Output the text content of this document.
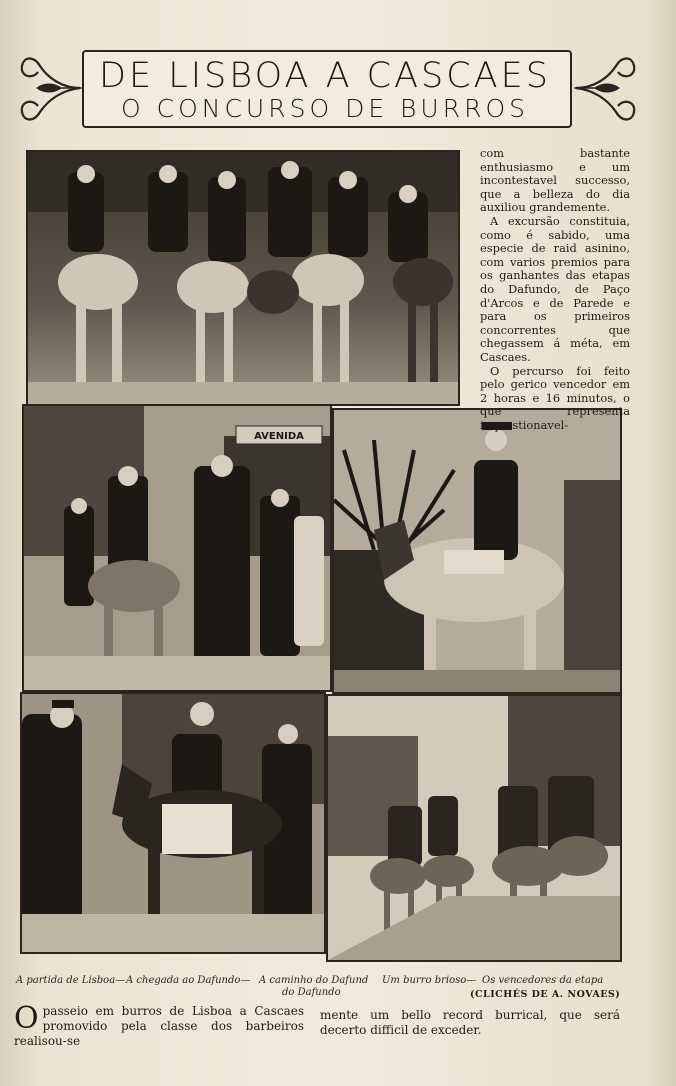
DE LISBOA A CASCAES
O CONCURSO DE BURROS
AVENIDA

com bastante enthusiasmo e um incontestavel successo, que a belleza do dia auxiliou grandemente.

A excursão constituia, como é sabido, uma especie de raid asinino, com varios premios para os ganhantes das etapas do Dafundo, de Paço d'Arcos e de Parede e para os primeiros concorrentes que chegassem á méta, em Cascaes.

O percurso foi feito pelo gerico vencedor em 2 horas e 16 minutos, o que representa inquestionavel-

A partida de Lisboa— A chegada ao Dafundo— A caminho do Dafund
do Dafundo
Um burro brioso— Os vencedores da etapa
(CLICHÉS DE A. NOVAES)
O passeio em burros de Lisboa a Cascaes promovido pela classe dos barbeiros realisou-se
mente um bello record burrical, que será decerto difficil de exceder.
